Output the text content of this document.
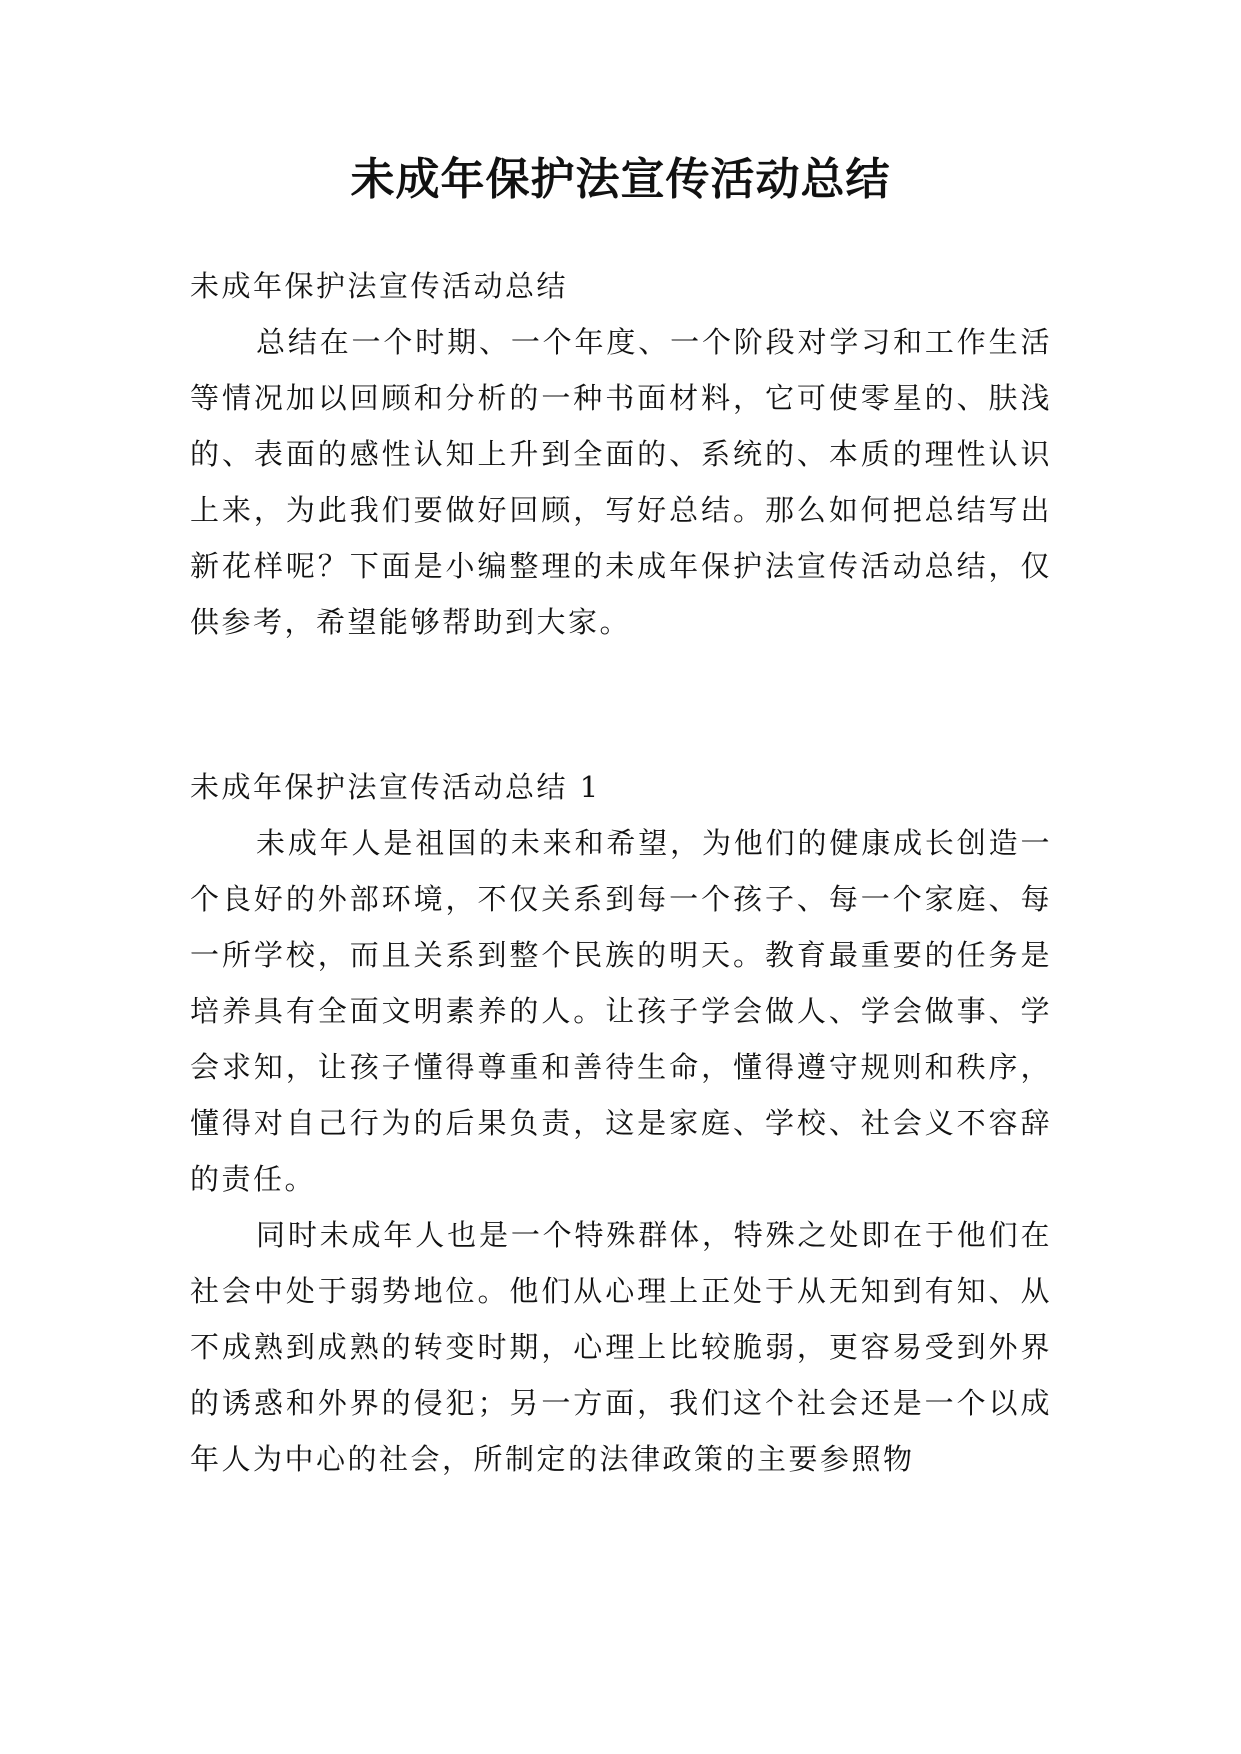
未成年保护法宣传活动总结

未成年保护法宣传活动总结

总结在一个时期、一个年度、一个阶段对学习和工作生活等情况加以回顾和分析的一种书面材料，它可使零星的、肤浅的、表面的感性认知上升到全面的、系统的、本质的理性认识上来，为此我们要做好回顾，写好总结。那么如何把总结写出新花样呢？下面是小编整理的未成年保护法宣传活动总结，仅供参考，希望能够帮助到大家。

未成年保护法宣传活动总结 1

未成年人是祖国的未来和希望，为他们的健康成长创造一个良好的外部环境，不仅关系到每一个孩子、每一个家庭、每一所学校，而且关系到整个民族的明天。教育最重要的任务是培养具有全面文明素养的人。让孩子学会做人、学会做事、学会求知，让孩子懂得尊重和善待生命，懂得遵守规则和秩序，懂得对自己行为的后果负责，这是家庭、学校、社会义不容辞的责任。

同时未成年人也是一个特殊群体，特殊之处即在于他们在社会中处于弱势地位。他们从心理上正处于从无知到有知、从不成熟到成熟的转变时期，心理上比较脆弱，更容易受到外界的诱惑和外界的侵犯；另一方面，我们这个社会还是一个以成年人为中心的社会，所制定的法律政策的主要参照物
